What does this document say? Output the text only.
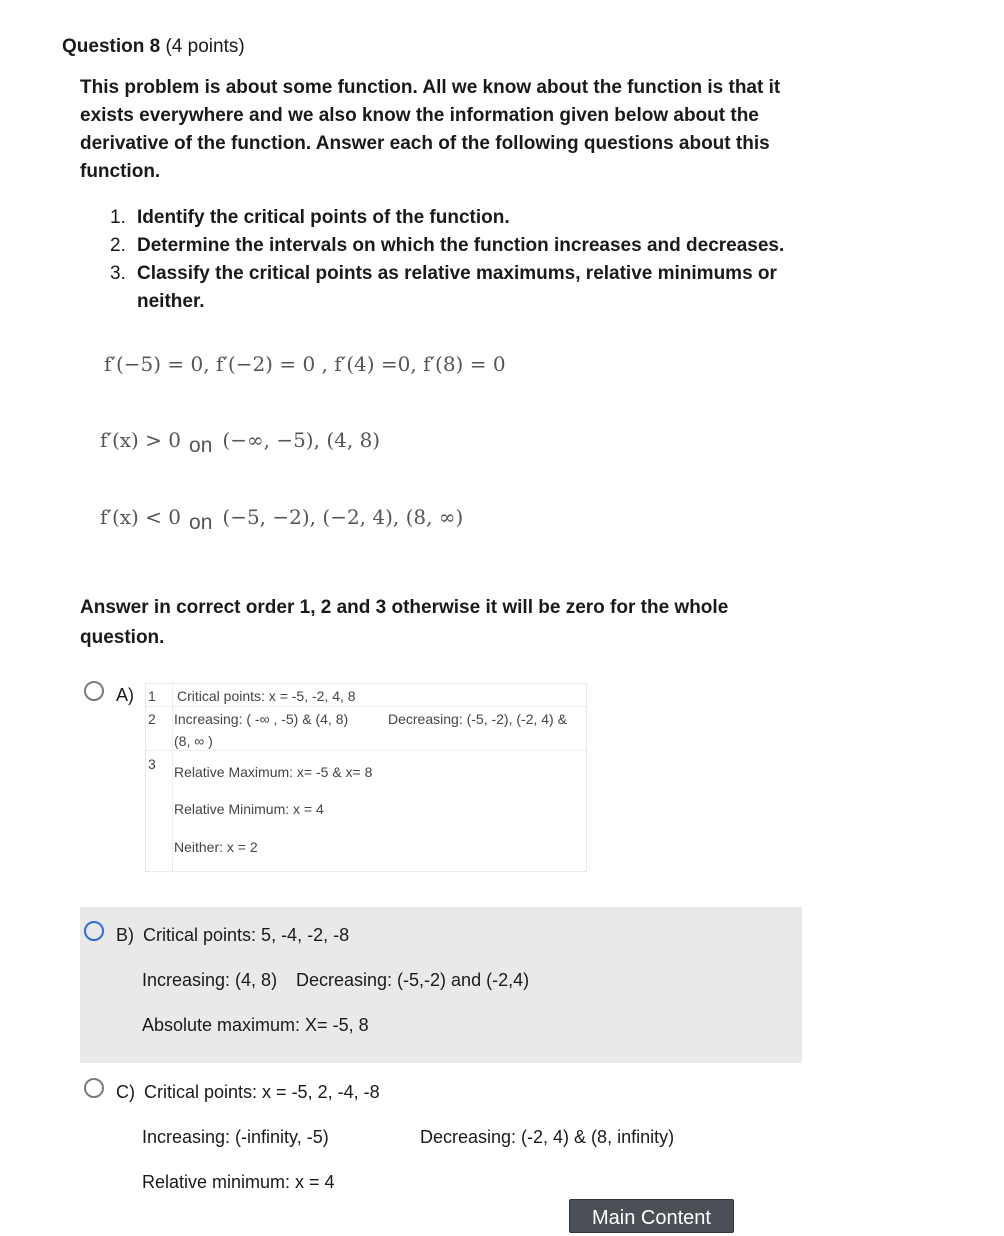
Question 8 (4 points)
This problem is about some function. All we know about the function is that it exists everywhere and we also know the information given below about the derivative of the function. Answer each of the following questions about this function.
1. Identify the critical points of the function.
2. Determine the intervals on which the function increases and decreases.
3. Classify the critical points as relative maximums, relative minimums or neither.
f′(−5) = 0, f′(−2) = 0 , f′(4) =0, f′(8) = 0
f′(x) > 0 on (−∞, −5), (4, 8)
f′(x) < 0 on (−5, −2), (−2, 4), (8, ∞)
Answer in correct order 1, 2 and 3 otherwise it will be zero for the whole question.
A) 1 Critical points: x = -5, -2, 4, 8
2 Increasing: ( -∞ , -5) & (4, 8)	Decreasing: (-5, -2), (-2, 4) &
(8, ∞ )
3 Relative Maximum: x= -5 & x= 8
Relative Minimum: x = 4
Neither: x = 2
B) Critical points: 5, -4, -2, -8
Increasing: (4, 8) Decreasing: (-5,-2) and (-2,4)
Absolute maximum: X= -5, 8
C) Critical points: x = -5, 2, -4, -8
Increasing: (-infinity, -5)	Decreasing: (-2, 4) & (8, infinity)
Relative minimum: x = 4
Main Content
